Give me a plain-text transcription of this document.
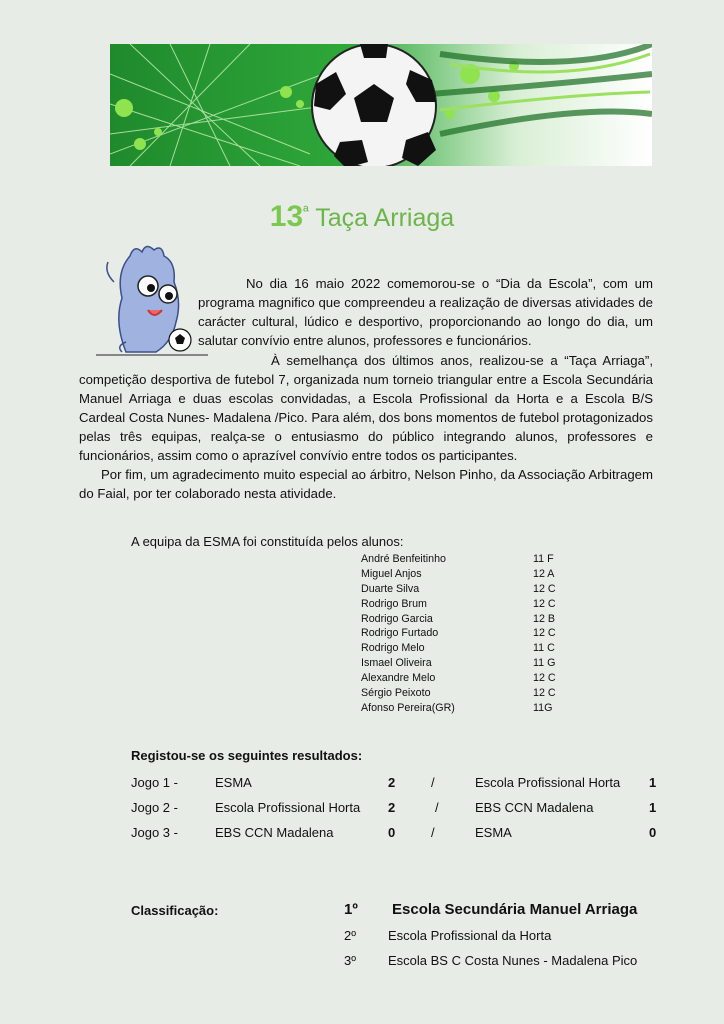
$13^ª$ Taça Arriaga

No dia 16 maio 2022 comemorou-se o “Dia da Escola”, com um programa magnifico que compreendeu a realização de diversas atividades de carácter cultural, lúdico e desportivo, proporcionando ao longo do dia, um salutar convívio entre alunos, professores e funcionários.

À semelhança dos últimos anos, realizou-se a “Taça Arriaga”, competição desportiva de futebol 7, organizada num torneio triangular entre a Escola Secundária Manuel Arriaga e duas escolas convidadas, a Escola Profissional da Horta e a Escola B/S Cardeal Costa Nunes- Madalena /Pico. Para além, dos bons momentos de futebol protagonizados pelas três equipas, realça-se o entusiasmo do público integrando alunos, professores e funcionários, assim como o aprazível convívio entre todos os participantes.

Por fim, um agradecimento muito especial ao árbitro, Nelson Pinho, da Associação Arbitragem do Faial, por ter colaborado nesta atividade.

A equipa da ESMA foi constituída pelos alunos:
André Benfeitinho	11 F
Miguel Anjos	12 A
Duarte Silva	12 C
Rodrigo Brum	12 C
Rodrigo Garcia	12 B
Rodrigo Furtado	12 C
Rodrigo Melo	11 C
Ismael Oliveira	11 G
Alexandre Melo	12 C
Sérgio Peixoto	12 C
Afonso Pereira(GR)	11G
Registou-se os seguintes resultados:
Jogo 1 -	ESMA	2	/	Escola Profissional Horta 1
Jogo 2 -	Escola Profissional Horta 2	/	EBS CCN Madalena	1
Jogo 3 -	EBS CCN Madalena	0	/	ESMA	0
Classificação:	1º Escola Secundária Manuel Arriaga
2º Escola Profissional da Horta
3º Escola BS C Costa Nunes - Madalena Pico
